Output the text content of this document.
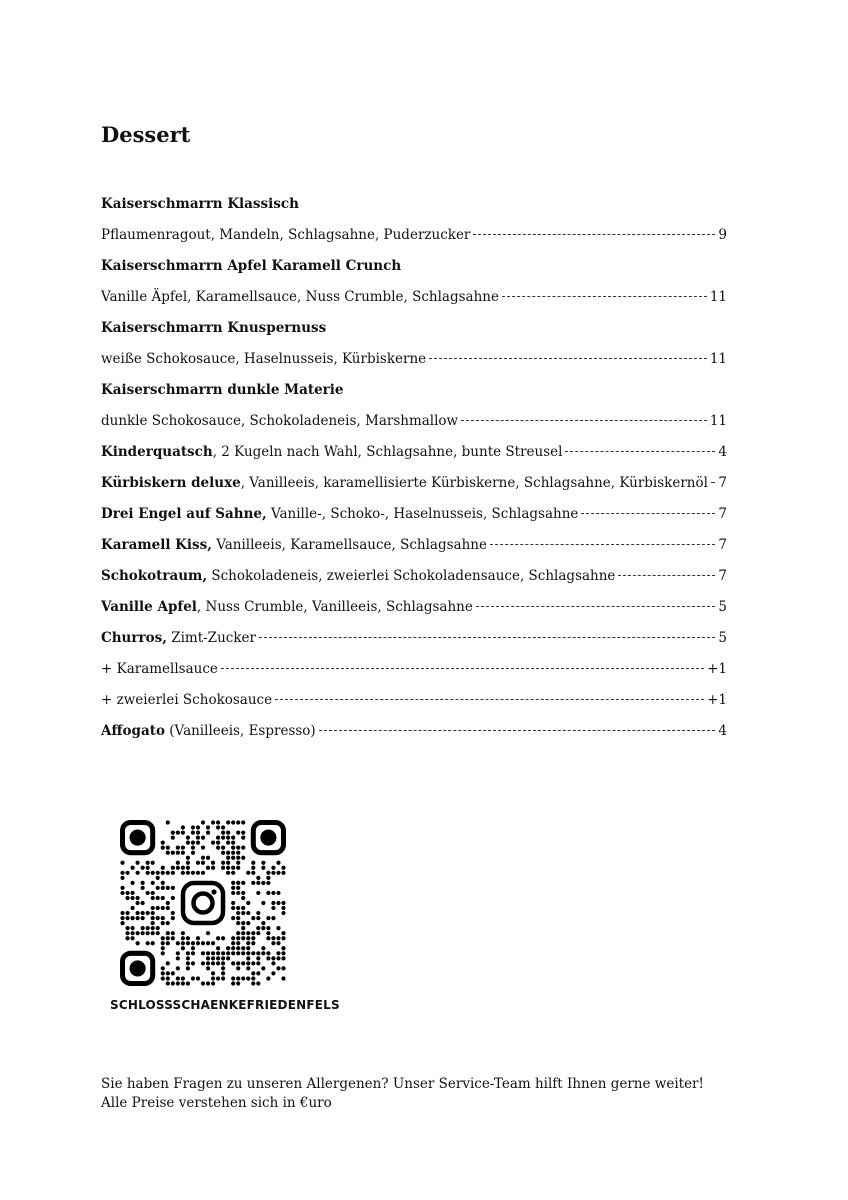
Dessert
Kaiserschmarrn Klassisch
Pflaumenragout, Mandeln, Schlagsahne, Puderzucker	9
Kaiserschmarrn Apfel Karamell Crunch
Vanille Äpfel, Karamellsauce, Nuss Crumble, Schlagsahne	11
Kaiserschmarrn Knuspernuss
weiße Schokosauce, Haselnusseis, Kürbiskerne	11
Kaiserschmarrn dunkle Materie
dunkle Schokosauce, Schokoladeneis, Marshmallow	11
Kinderquatsch, 2 Kugeln nach Wahl, Schlagsahne, bunte Streusel	4
Kürbiskern deluxe, Vanilleeis, karamellisierte Kürbiskerne, Schlagsahne, Kürbiskernöl 7
Drei Engel auf Sahne, Vanille-, Schoko-, Haselnusseis, Schlagsahne	7
Karamell Kiss, Vanilleeis, Karamellsauce, Schlagsahne	7
Schokotraum, Schokoladeneis, zweierlei Schokoladensauce, Schlagsahne	7
Vanille Apfel, Nuss Crumble, Vanilleeis, Schlagsahne	5
Churros, Zimt-Zucker	5
+ Karamellsauce	+1
+ zweierlei Schokosauce	+1
Affogato (Vanilleeis, Espresso)	4
SCHLOSSSCHAENKEFRIEDENFELS
Sie haben Fragen zu unseren Allergenen? Unser Service-Team hilft Ihnen gerne weiter!
Alle Preise verstehen sich in €uro
